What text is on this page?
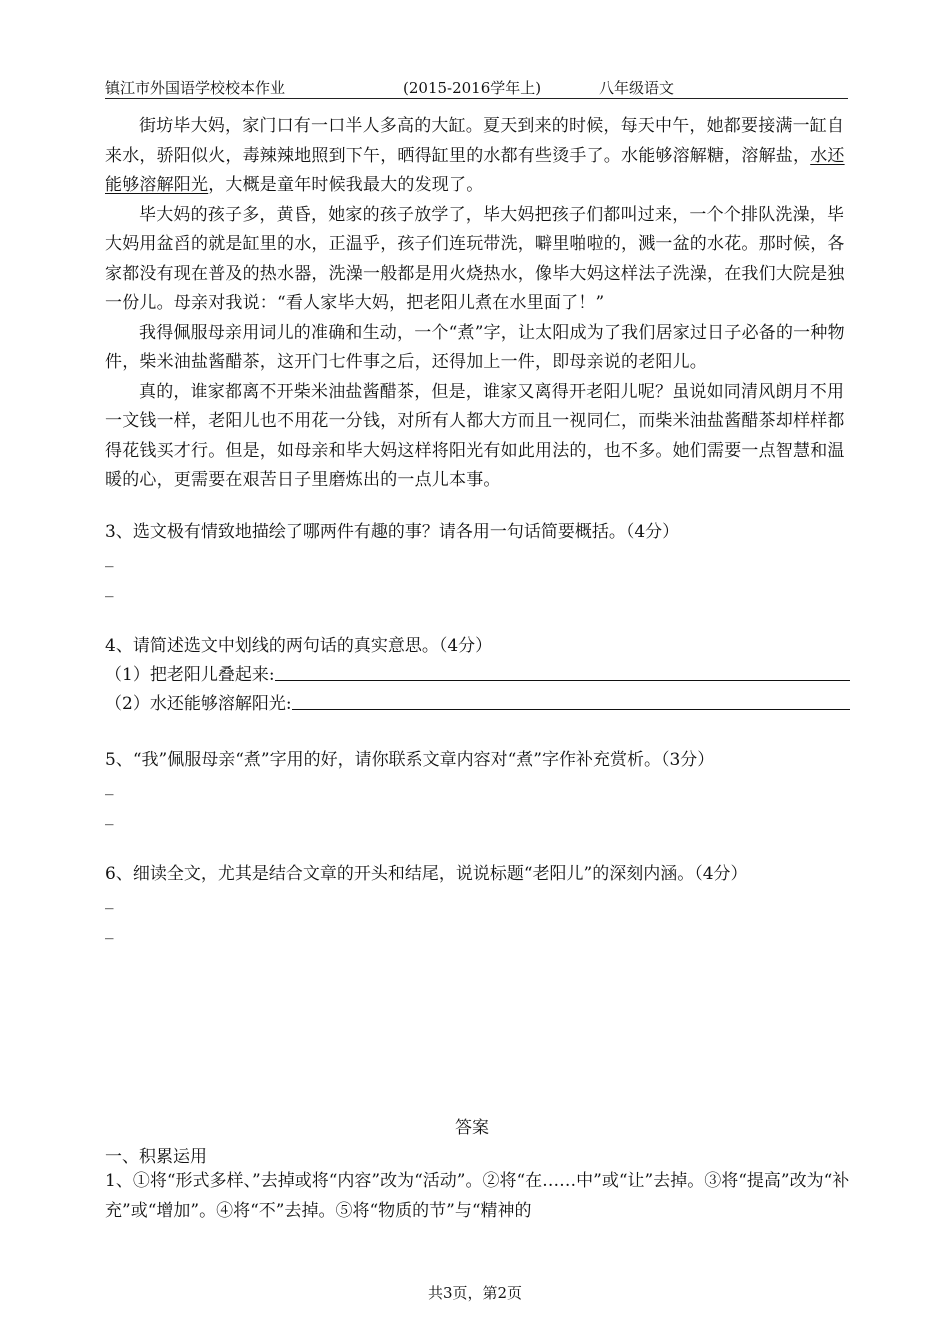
镇江市外国语学校校本作业	(2015-2016学年上)	八年级语文

街坊毕大妈，家门口有一口半人多高的大缸。夏天到来的时候，每天中午，她都要接满一缸自来水，骄阳似火，毒辣辣地照到下午，晒得缸里的水都有些烫手了。水能够溶解糖，溶解盐，水还能够溶解阳光，大概是童年时候我最大的发现了。

毕大妈的孩子多，黄昏，她家的孩子放学了，毕大妈把孩子们都叫过来，一个个排队洗澡，毕大妈用盆舀的就是缸里的水，正温乎，孩子们连玩带洗，噼里啪啦的，溅一盆的水花。那时候，各家都没有现在普及的热水器，洗澡一般都是用火烧热水，像毕大妈这样法子洗澡，在我们大院是独一份儿。母亲对我说：“看人家毕大妈，把老阳儿煮在水里面了！”

我得佩服母亲用词儿的准确和生动，一个“煮”字，让太阳成为了我们居家过日子必备的一种物件，柴米油盐酱醋茶，这开门七件事之后，还得加上一件，即母亲说的老阳儿。

真的，谁家都离不开柴米油盐酱醋茶，但是，谁家又离得开老阳儿呢？虽说如同清风朗月不用一文钱一样，老阳儿也不用花一分钱，对所有人都大方而且一视同仁，而柴米油盐酱醋茶却样样都得花钱买才行。但是，如母亲和毕大妈这样将阳光有如此用法的，也不多。她们需要一点智慧和温暖的心，更需要在艰苦日子里磨炼出的一点儿本事。

3、选文极有情致地描绘了哪两件有趣的事？请各用一句话简要概括。（4分）
_
_
4、请简述选文中划线的两句话的真实意思。（4分）
（1）把老阳儿叠起来:
（2）水还能够溶解阳光:
5、“我”佩服母亲“煮”字用的好，请你联系文章内容对“煮”字作补充赏析。（3分）
_
_
6、细读全文，尤其是结合文章的开头和结尾，说说标题“老阳儿”的深刻内涵。（4分）
_
_
答案
一、积累运用
1、①将“形式多样、”去掉或将“内容”改为“活动”。②将“在……中”或“让”去掉。③将“提高”改为“补充”或“增加”。④将“不”去掉。⑤将“物质的节”与“精神的
共3页，第2页
